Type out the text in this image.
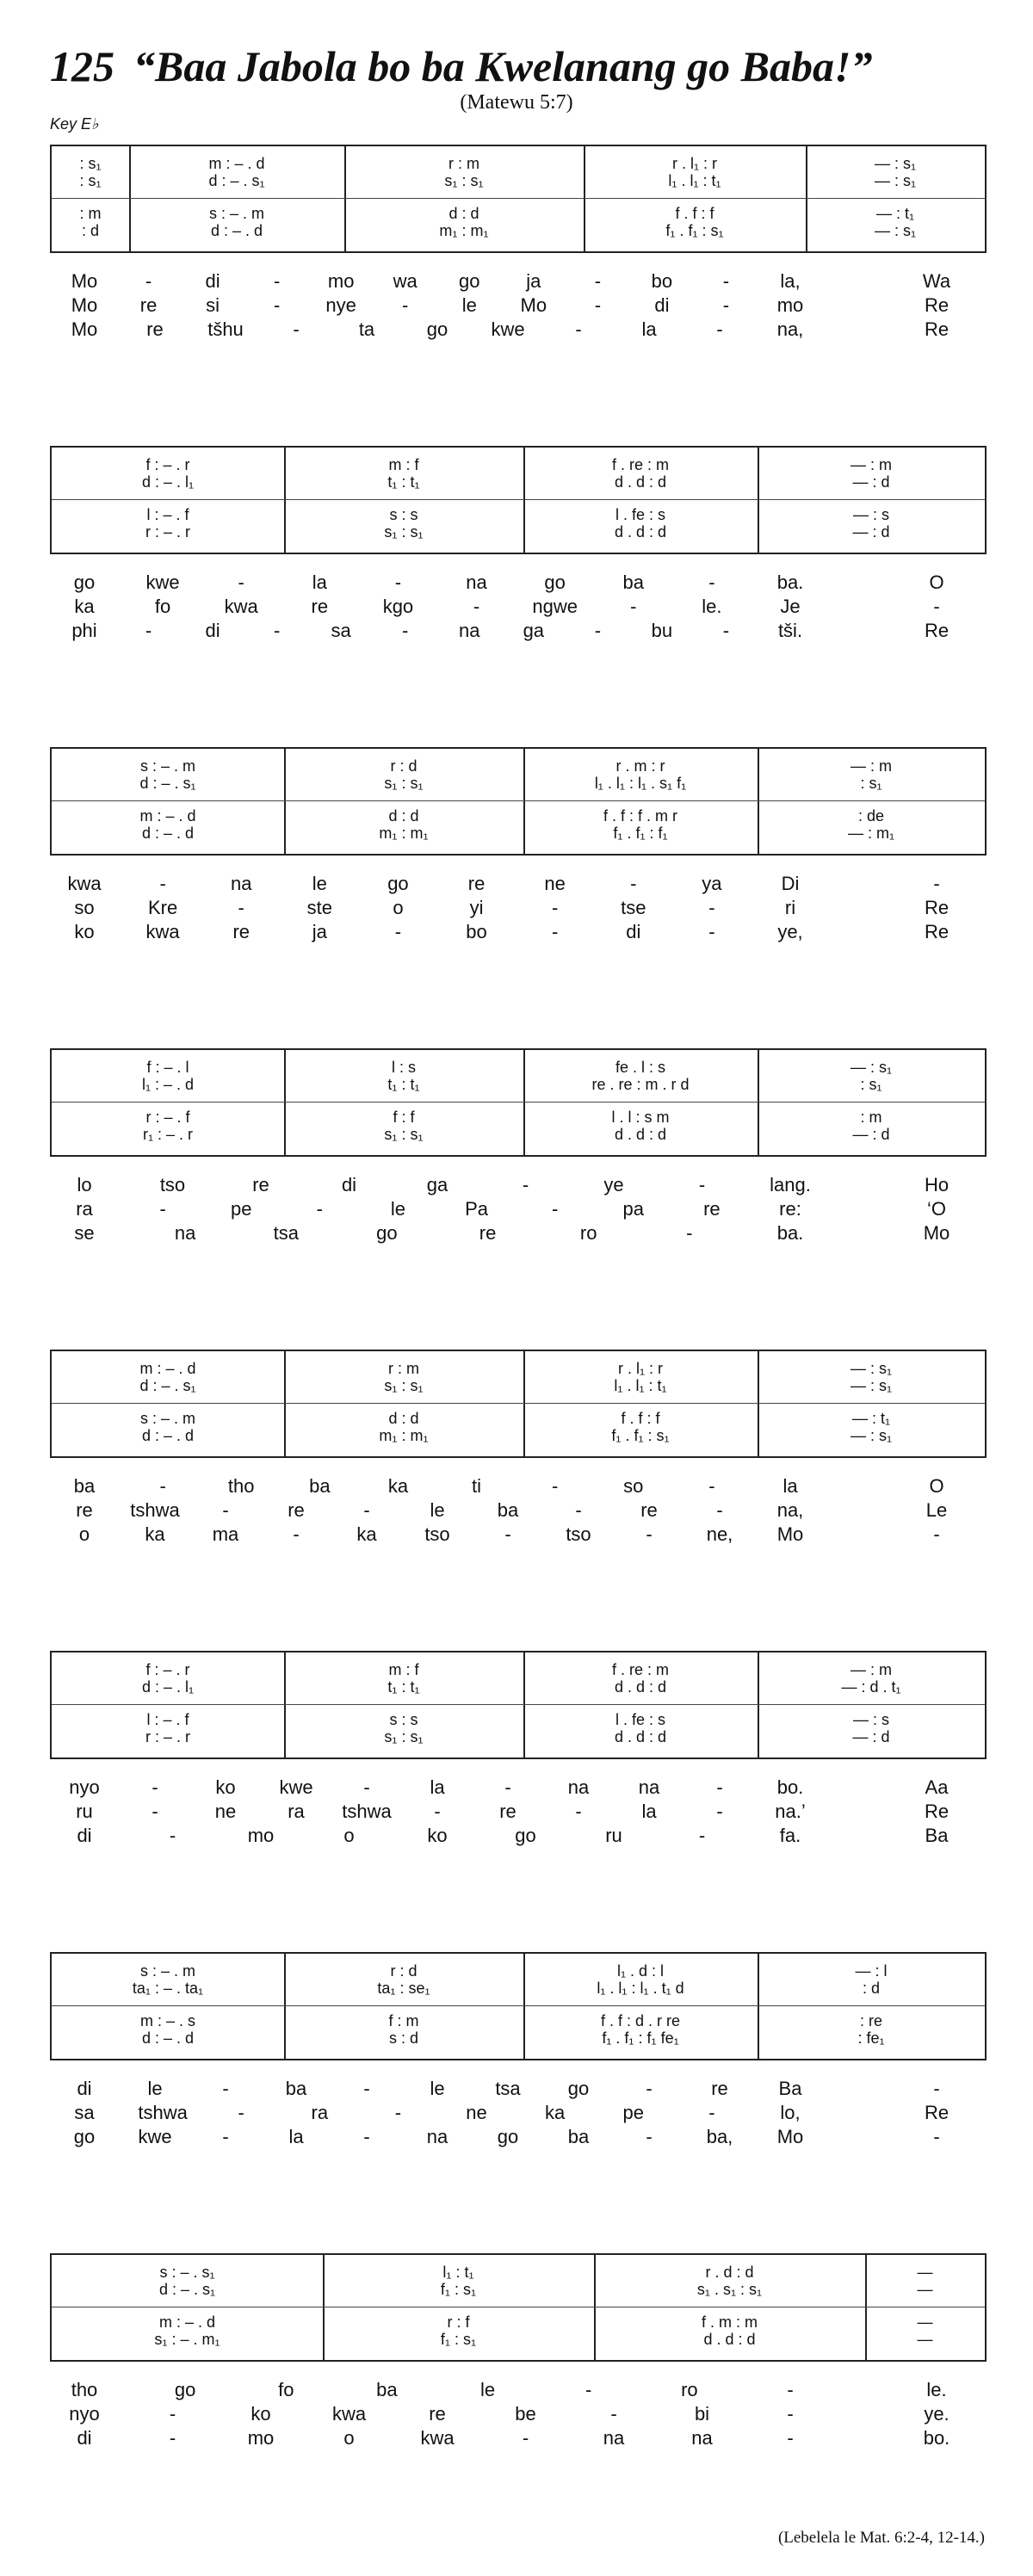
125 “Baa Jabola bo ba Kwelanang go Baba!”
(Matewu 5:7)
Key E♭
: s₁	m : – . d	r : m	r . l₁ : r	— : s₁
: s₁	d : – . s₁	s₁ : s₁	l₁ . l₁ : t₁	— : s₁
: m	s : – . m	d : d	f . f : f	— : t₁
: d	d : – . d	m₁ : m₁	f₁ . f₁ : s₁	— : s₁
Mo	-	di	-	mo wa go ja	-	bo	-	la,	Wa
Mo re	si	- nye -	le Mo	-	di	-	mo	Re
Mo	re tšhu	-	ta	go kwe	-	la	-	na,	Re
f : – . r	m : f	f . re : m	— : m
d : – . l₁	t₁ : t₁	d . d : d	— : d
l : – . f	s : s	l . fe : s	— : s
r : – . r	s₁ : s₁	d . d : d	— : d
go	kwe	-	la	-	na	go	ba	-	ba.	O
ka	fo	kwa	re	kgo	-	ngwe	-	le.	Je	-
phi	-	di	-	sa	-	na ga	-	bu	-	tši.	Re
s : – . m	r : d	r . m : r	— : m
d : – . s₁	s₁ : s₁	l₁ . l₁ : l₁ . s₁ f₁	: s₁
m : – . d	d : d	f . f : f . m r	: de
d : – . d	m₁ : m₁	f₁ . f₁ : f₁	— : m₁
kwa	-	na	le	go	re	ne	-	ya	Di	-
so	Kre	-	ste	o	yi	-	tse	-	ri	Re
ko	kwa	re	ja	-	bo	-	di	-	ye,	Re
f : – . l	l : s	fe . l : s	— : s₁
l₁ : – . d	t₁ : t₁	re . re : m . r d	: s₁
r : – . f	f : f	l . l : s m	: m
r₁ : – . r	s₁ : s₁	d . d : d	— : d
lo	tso	re	di	ga	-	ye	-	lang.	Ho
ra	-	pe	-	le	Pa	-	pa	re	re:	‘O
se	na	tsa	go	re	ro	-	ba.	Mo
m : – . d	r : m	r . l₁ : r	— : s₁
d : – . s₁	s₁ : s₁	l₁ . l₁ : t₁	— : s₁
s : – . m	d : d	f . f : f	— : t₁
d : – . d	m₁ : m₁	f₁ . f₁ : s₁	— : s₁
ba	-	tho	ba	ka	ti	-	so	-	la	O
re tshwa -	re	-	le	ba	-	re	-	na,	Le
o	ka	ma	-	ka	tso	-	tso	-	ne, Mo	-
f : – . r	m : f	f . re : m	— : m
d : – . l₁	t₁ : t₁	d . d : d	— : d . t₁
l : – . f	s : s	l . fe : s	— : s
r : – . r	s₁ : s₁	d . d : d	— : d
nyo	-	ko kwe	-	la	-	na	na	-	bo.	Aa
ru	-	ne	ra tshwa -	re	-	la	-	na.’	Re
di	-	mo	o	ko	go	ru	-	fa.	Ba
s : – . m	r : d	l₁ . d : l	— : l
ta₁ : – . ta₁	ta₁ : se₁	l₁ . l₁ : l₁ . t₁ d	: d
m : – . s	f : m	f . f : d . r re	: re
d : – . d	s : d	f₁ . f₁ : f₁ fe₁	: fe₁
di	le	-	ba	-	le	tsa	go	-	re	Ba	-
sa tshwa	-	ra	-	ne	ka	pe	-	lo,	Re
go kwe	-	la	-	na	go	ba	-	ba, Mo	-
s : – . s₁	l₁ : t₁	r . d : d	—
d : – . s₁	f₁ : s₁	s₁ . s₁ : s₁	—
m : – . d	r : f	f . m : m	—
s₁ : – . m₁	f₁ : s₁	d . d : d	—
tho	go	fo	ba	le	-	ro	-	le.
nyo	-	ko	kwa	re	be	-	bi	-	ye.
di	-	mo	o	kwa	-	na	na	-	bo.
(Lebelela le Mat. 6:2-4, 12-14.)
